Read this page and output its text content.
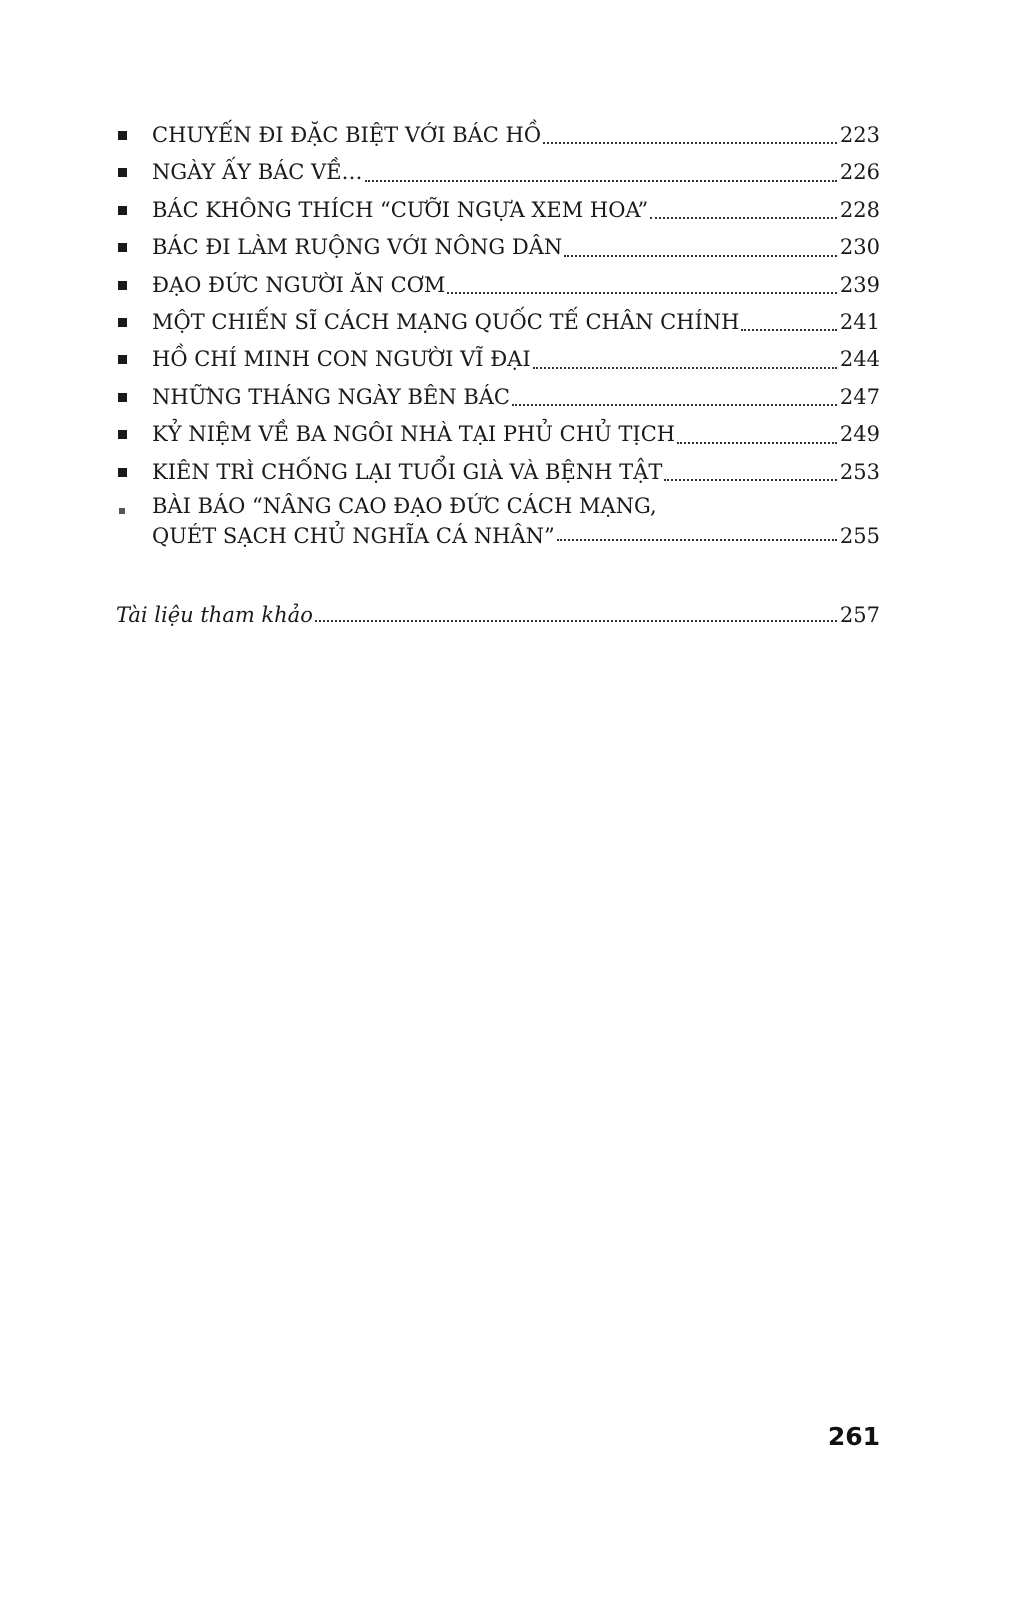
CHUYẾN ĐI ĐẶC BIỆT VỚI BÁC HỒ	223
NGÀY ẤY BÁC VỀ…	226
BÁC KHÔNG THÍCH “CƯỠI NGỰA XEM HOA”	228
BÁC ĐI LÀM RUỘNG VỚI NÔNG DÂN	230
ĐẠO ĐỨC NGƯỜI ĂN CƠM	239
MỘT CHIẾN SĨ CÁCH MẠNG QUỐC TẾ CHÂN CHÍNH	241
HỒ CHÍ MINH CON NGƯỜI VĨ ĐẠI	244
NHỮNG THÁNG NGÀY BÊN BÁC	247
KỶ NIỆM VỀ BA NGÔI NHÀ TẠI PHỦ CHỦ TỊCH	249
KIÊN TRÌ CHỐNG LẠI TUỔI GIÀ VÀ BỆNH TẬT	253
BÀI BÁO “NÂNG CAO ĐẠO ĐỨC CÁCH MẠNG,
QUÉT SẠCH CHỦ NGHĨA CÁ NHÂN”	255
Tài liệu tham khảo	257
261
